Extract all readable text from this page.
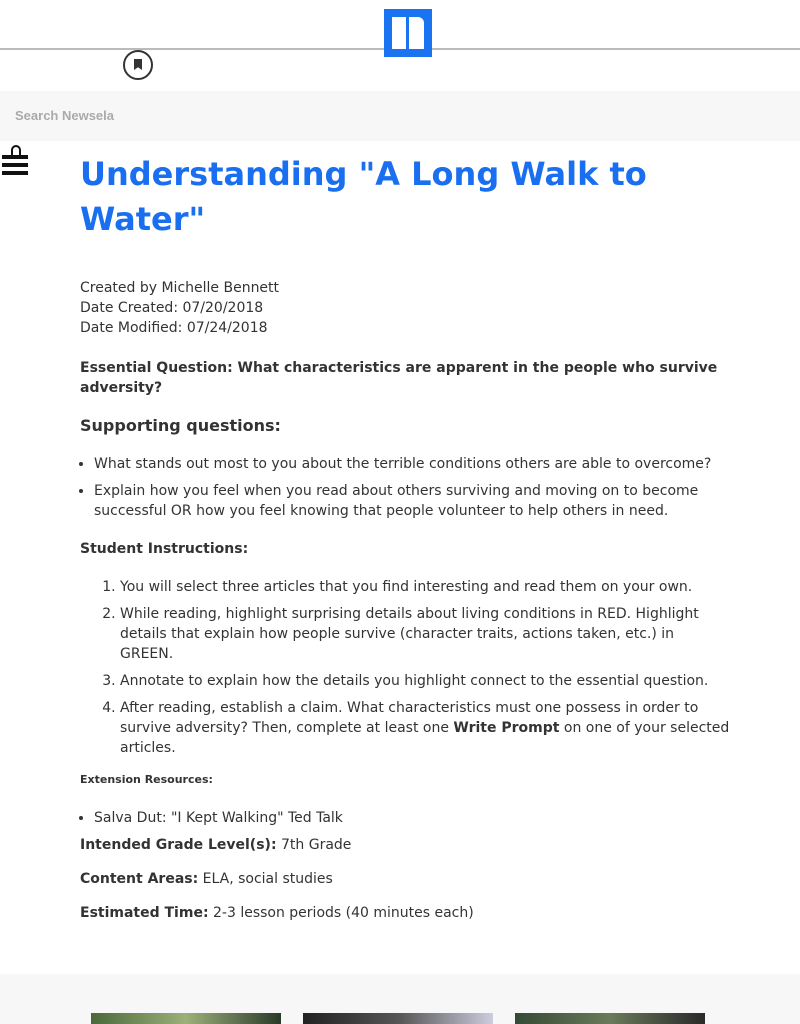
Search Newsela
Understanding "A Long Walk to Water"
Created by Michelle Bennett
Date Created: 07/20/2018
Date Modified: 07/24/2018
Essential Question: What characteristics are apparent in the people who survive adversity?
Supporting questions:
• What stands out most to you about the terrible conditions others are able to overcome?
• Explain how you feel when you read about others surviving and moving on to become successful OR how you feel knowing that people volunteer to help others in need.
Student Instructions:
1. You will select three articles that you find interesting and read them on your own.
2. While reading, highlight surprising details about living conditions in RED. Highlight details that explain how people survive (character traits, actions taken, etc.) in GREEN.
3. Annotate to explain how the details you highlight connect to the essential question.
4. After reading, establish a claim. What characteristics must one possess in order to survive adversity? Then, complete at least one Write Prompt on one of your selected articles.
Extension Resources:
• Salva Dut: "I Kept Walking" Ted Talk
Intended Grade Level(s): 7th Grade
Content Areas: ELA, social studies
Estimated Time: 2-3 lesson periods (40 minutes each)
